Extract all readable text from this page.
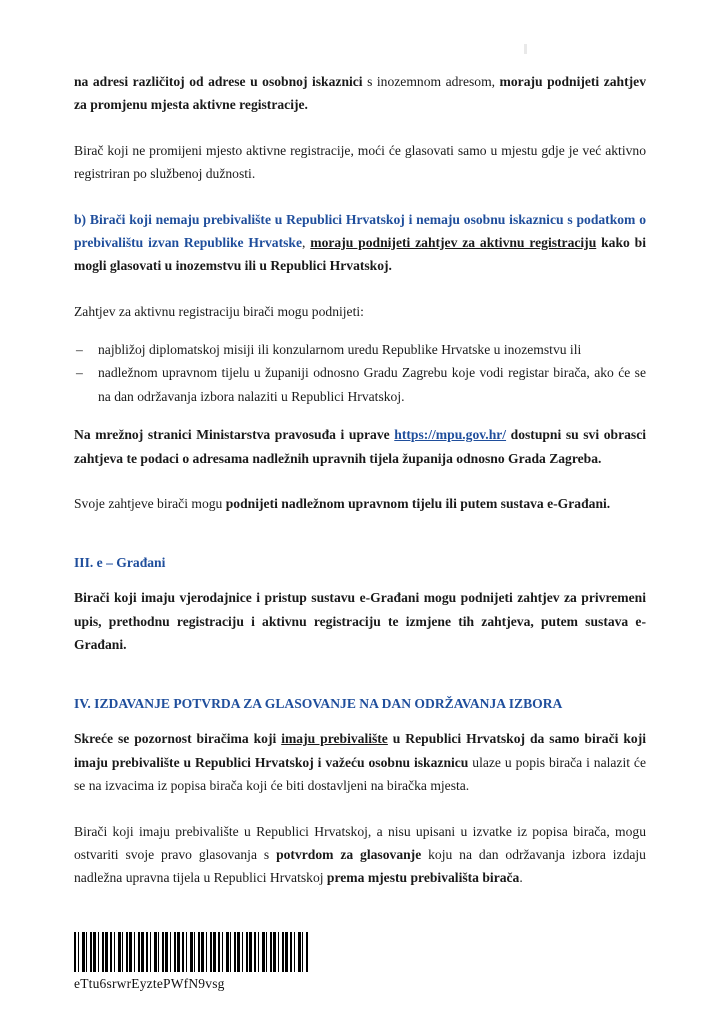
na adresi različitoj od adrese u osobnoj iskaznici s inozemnom adresom, moraju podnijeti zahtjev za promjenu mjesta aktivne registracije.
Birač koji ne promijeni mjesto aktivne registracije, moći će glasovati samo u mjestu gdje je već aktivno registriran po službenoj dužnosti.
b) Birači koji nemaju prebivalište u Republici Hrvatskoj i nemaju osobnu iskaznicu s podatkom o prebivalištu izvan Republike Hrvatske, moraju podnijeti zahtjev za aktivnu registraciju kako bi mogli glasovati u inozemstvu ili u Republici Hrvatskoj.
Zahtjev za aktivnu registraciju birači mogu podnijeti:
– najbližoj diplomatskoj misiji ili konzularnom uredu Republike Hrvatske u inozemstvu ili
– nadležnom upravnom tijelu u županiji odnosno Gradu Zagrebu koje vodi registar birača, ako će se na dan održavanja izbora nalaziti u Republici Hrvatskoj.
Na mrežnoj stranici Ministarstva pravosuđa i uprave https://mpu.gov.hr/ dostupni su svi obrasci zahtjeva te podaci o adresama nadležnih upravnih tijela županija odnosno Grada Zagreba.
Svoje zahtjeve birači mogu podnijeti nadležnom upravnom tijelu ili putem sustava e-Građani.
III. e – Građani
Birači koji imaju vjerodajnice i pristup sustavu e-Građani mogu podnijeti zahtjev za privremeni upis, prethodnu registraciju i aktivnu registraciju te izmjene tih zahtjeva, putem sustava e-Građani.
IV. IZDAVANJE POTVRDA ZA GLASOVANJE NA DAN ODRŽAVANJA IZBORA
Skreće se pozornost biračima koji imaju prebivalište u Republici Hrvatskoj da samo birači koji imaju prebivalište u Republici Hrvatskoj i važeću osobnu iskaznicu ulaze u popis birača i nalazit će se na izvacima iz popisa birača koji će biti dostavljeni na biračka mjesta.
Birači koji imaju prebivalište u Republici Hrvatskoj, a nisu upisani u izvatke iz popisa birača, mogu ostvariti svoje pravo glasovanja s potvrdom za glasovanje koju na dan održavanja izbora izdaju nadležna upravna tijela u Republici Hrvatskoj prema mjestu prebivališta birača.
eTtu6srwrEyztePWfN9vsg
